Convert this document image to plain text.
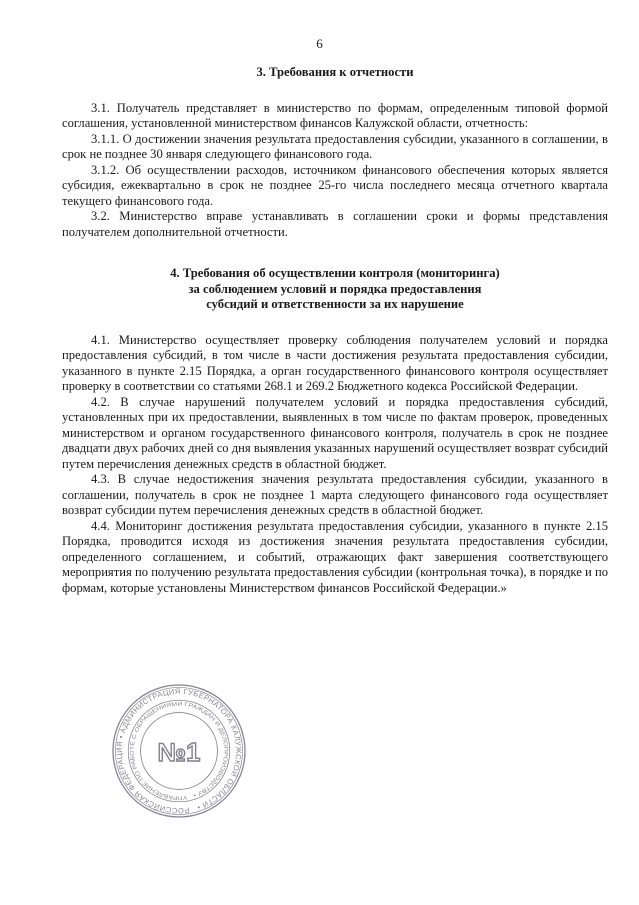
6

3. Требования к отчетности

3.1. Получатель представляет в министерство по формам, определенным типовой формой соглашения, установленной министерством финансов Калужской области, отчетность:

3.1.1. О достижении значения результата предоставления субсидии, указанного в соглашении, в срок не позднее 30 января следующего финансового года.

3.1.2. Об осуществлении расходов, источником финансового обеспечения которых является субсидия, ежеквартально в срок не позднее 25-го числа последнего месяца отчетного квартала текущего финансового года.

3.2. Министерство вправе устанавливать в соглашении сроки и формы представления получателем дополнительной отчетности.

4. Требования об осуществлении контроля (мониторинга)
за соблюдением условий и порядка предоставления
субсидий и ответственности за их нарушение

4.1. Министерство осуществляет проверку соблюдения получателем условий и порядка предоставления субсидий, в том числе в части достижения результата предоставления субсидии, указанного в пункте 2.15 Порядка, а орган государственного финансового контроля осуществляет проверку в соответствии со статьями 268.1 и 269.2 Бюджетного кодекса Российской Федерации.

4.2. В случае нарушений получателем условий и порядка предоставления субсидий, установленных при их предоставлении, выявленных в том числе по фактам проверок, проведенных министерством и органом государственного финансового контроля, получатель в срок не позднее двадцати двух рабочих дней со дня выявления указанных нарушений осуществляет возврат субсидий путем перечисления денежных средств в областной бюджет.

4.3. В случае недостижения значения результата предоставления субсидии, указанного в соглашении, получатель в срок не позднее 1 марта следующего финансового года осуществляет возврат субсидии путем перечисления денежных средств в областной бюджет.

4.4. Мониторинг достижения результата предоставления субсидии, указанного в пункте 2.15 Порядка, проводится исходя из достижения значения результата предоставления субсидии, определенного соглашением, и событий, отражающих факт завершения соответствующего мероприятия по получению результата предоставления субсидии (контрольная точка), в порядке и по формам, которые установлены Министерством финансов Российской Федерации.»

РОССИЙСКАЯ ФЕДЕРАЦИЯ • АДМИНИСТРАЦИЯ ГУБЕРНАТОРА КАЛУЖСКОЙ ОБЛАСТИ •
УПРАВЛЕНИЕ ПО РАБОТЕ С ОБРАЩЕНИЯМИ ГРАЖДАН И ДЕЛОПРОИЗВОДСТВУ •
№1
